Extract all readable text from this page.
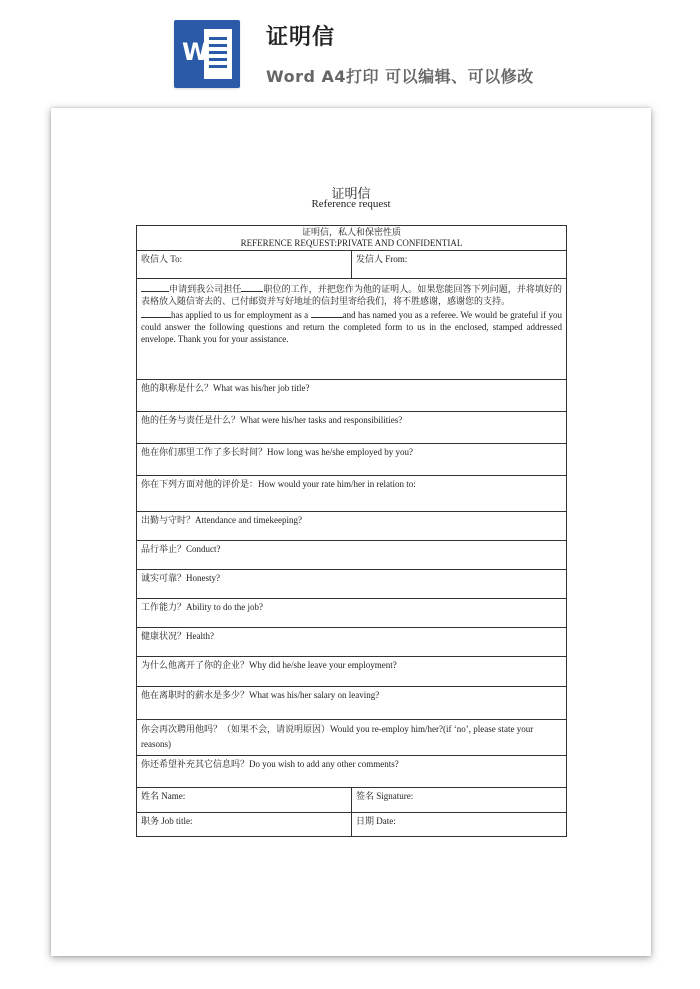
W
证明信
Word A4打印 可以编辑、可以修改
证明信
Reference request
证明信，私人和保密性质
REFERENCE REQUEST:PRIVATE AND CONFIDENTIAL	

收信人 To:	发信人 From:

申请到我公司担任 职位的工作，并把您作为他的证明人。如果您能回答下列问题，并将填好的表格放入随信寄去的、已付邮资并写好地址的信封里寄给我们，将不胜感谢，感谢您的支持。
has applied to us for employment as a and has named you as a referee. We would be grateful if you could answer the following questions and return the completed form to us in the enclosed, stamped addressed envelope. Thank you for your assistance.	

他的职称是什么？What was his/her job title?	
他的任务与责任是什么？What were his/her tasks and responsibilities?	
他在你们那里工作了多长时间？How long was he/she employed by you?	
你在下列方面对他的评价是：How would your rate him/her in relation to:	
出勤与守时？Attendance and timekeeping?	
品行举止？Conduct?	
诚实可靠？Honesty?	
工作能力？Ability to do the job?	
健康状况？Health?	
为什么他离开了你的企业？Why did he/she leave your employment?	
他在离职时的薪水是多少？What was his/her salary on leaving?	
你会再次聘用他吗？（如果不会，请说明原因）Would you re-employ him/her?(if ‘no’, please state your reasons)	
你还希望补充其它信息吗？Do you wish to add any other comments?	
姓名 Name:	签名 Signature:
职务 Job title:	日期 Date:
